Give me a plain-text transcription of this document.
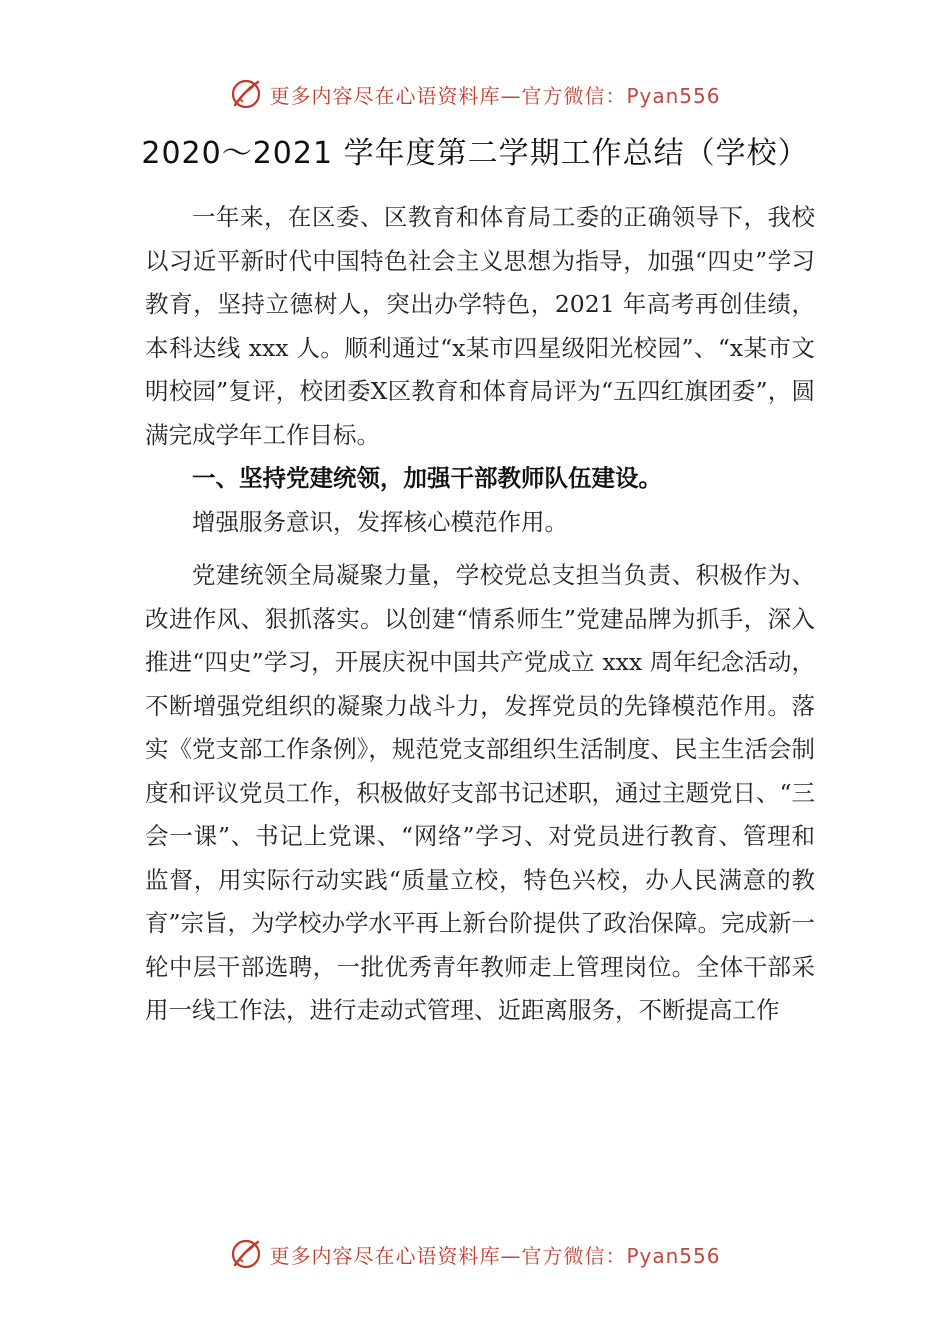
更多内容尽在心语资料库—官方微信：Pyan556
2020～2021 学年度第二学期工作总结（学校）

一年来，在区委、区教育和体育局工委的正确领导下，我校以习近平新时代中国特色社会主义思想为指导，加强“四史”学习教育，坚持立德树人，突出办学特色，2021 年高考再创佳绩，本科达线 xxx 人。顺利通过“x某市四星级阳光校园”、“x某市文明校园”复评，校团委X区教育和体育局评为“五四红旗团委”，圆满完成学年工作目标。

一、坚持党建统领，加强干部教师队伍建设。

增强服务意识，发挥核心模范作用。

党建统领全局凝聚力量，学校党总支担当负责、积极作为、改进作风、狠抓落实。以创建“情系师生”党建品牌为抓手，深入推进“四史”学习，开展庆祝中国共产党成立 xxx 周年纪念活动，不断增强党组织的凝聚力战斗力，发挥党员的先锋模范作用。落实《党支部工作条例》，规范党支部组织生活制度、民主生活会制度和评议党员工作，积极做好支部书记述职，通过主题党日、“三会一课”、书记上党课、“网络”学习、对党员进行教育、管理和监督，用实际行动实践“质量立校，特色兴校，办人民满意的教育”宗旨，为学校办学水平再上新台阶提供了政治保障。完成新一轮中层干部选聘，一批优秀青年教师走上管理岗位。全体干部采用一线工作法，进行走动式管理、近距离服务，不断提高工作

更多内容尽在心语资料库—官方微信：Pyan556
